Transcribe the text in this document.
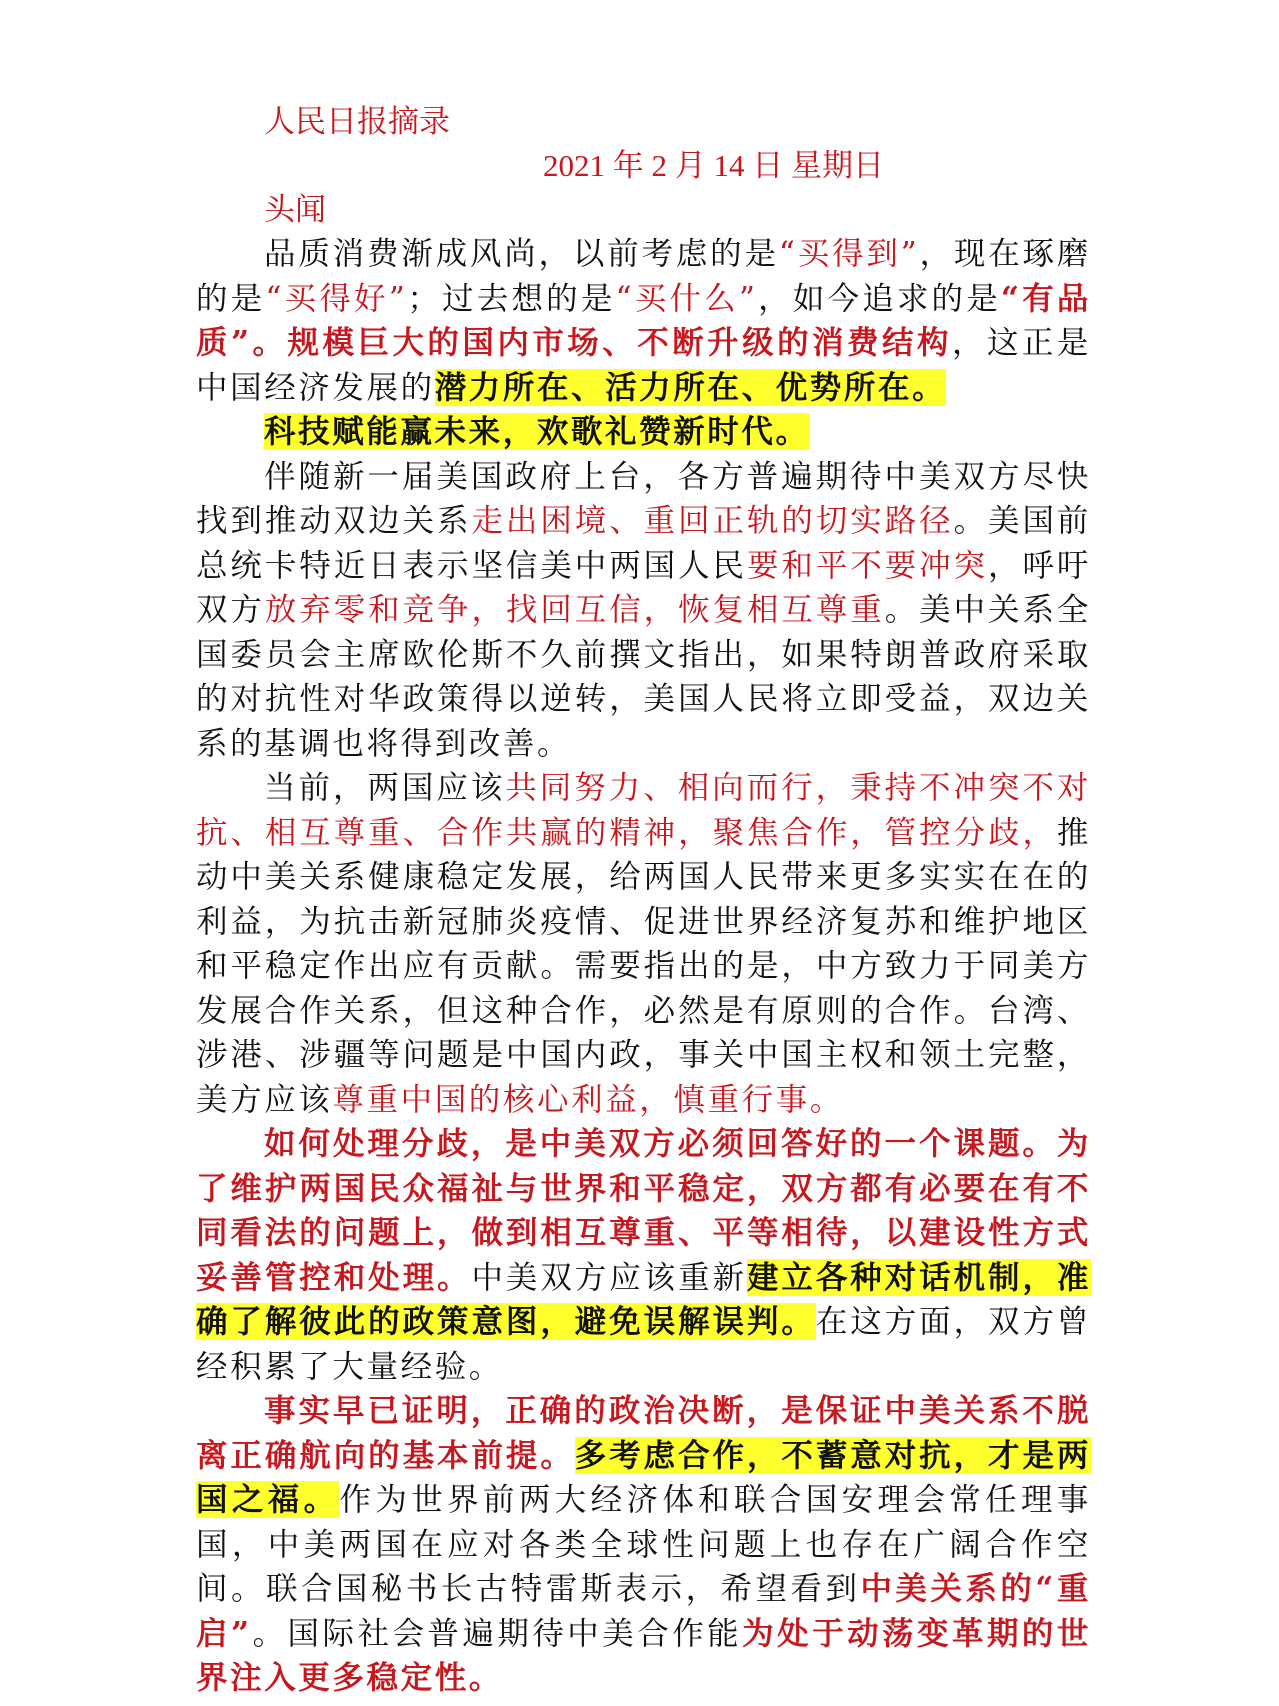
人民日报摘录
2021 年 2 月 14 日 星期日
头闻

品质消费渐成风尚，以前考虑的是“买得到”，现在琢磨的是“买得好”；过去想的是“买什么”，如今追求的是“有品质”。规模巨大的国内市场、不断升级的消费结构，这正是中国经济发展的潜力所在、活力所在、优势所在。

科技赋能赢未来，欢歌礼赞新时代。

伴随新一届美国政府上台，各方普遍期待中美双方尽快找到推动双边关系走出困境、重回正轨的切实路径。美国前总统卡特近日表示坚信美中两国人民要和平不要冲突，呼吁双方放弃零和竞争，找回互信，恢复相互尊重。美中关系全国委员会主席欧伦斯不久前撰文指出，如果特朗普政府采取的对抗性对华政策得以逆转，美国人民将立即受益，双边关系的基调也将得到改善。

当前，两国应该共同努力、相向而行，秉持不冲突不对抗、相互尊重、合作共赢的精神，聚焦合作，管控分歧，推动中美关系健康稳定发展，给两国人民带来更多实实在在的利益，为抗击新冠肺炎疫情、促进世界经济复苏和维护地区和平稳定作出应有贡献。需要指出的是，中方致力于同美方发展合作关系，但这种合作，必然是有原则的合作。台湾、涉港、涉疆等问题是中国内政，事关中国主权和领土完整，美方应该尊重中国的核心利益，慎重行事。

如何处理分歧，是中美双方必须回答好的一个课题。为了维护两国民众福祉与世界和平稳定，双方都有必要在有不同看法的问题上，做到相互尊重、平等相待，以建设性方式妥善管控和处理。中美双方应该重新建立各种对话机制，准确了解彼此的政策意图，避免误解误判。在这方面，双方曾经积累了大量经验。

事实早已证明，正确的政治决断，是保证中美关系不脱离正确航向的基本前提。多考虑合作，不蓄意对抗，才是两国之福。作为世界前两大经济体和联合国安理会常任理事国，中美两国在应对各类全球性问题上也存在广阔合作空间。联合国秘书长古特雷斯表示，希望看到中美关系的“重启”。国际社会普遍期待中美合作能为处于动荡变革期的世界注入更多稳定性。
